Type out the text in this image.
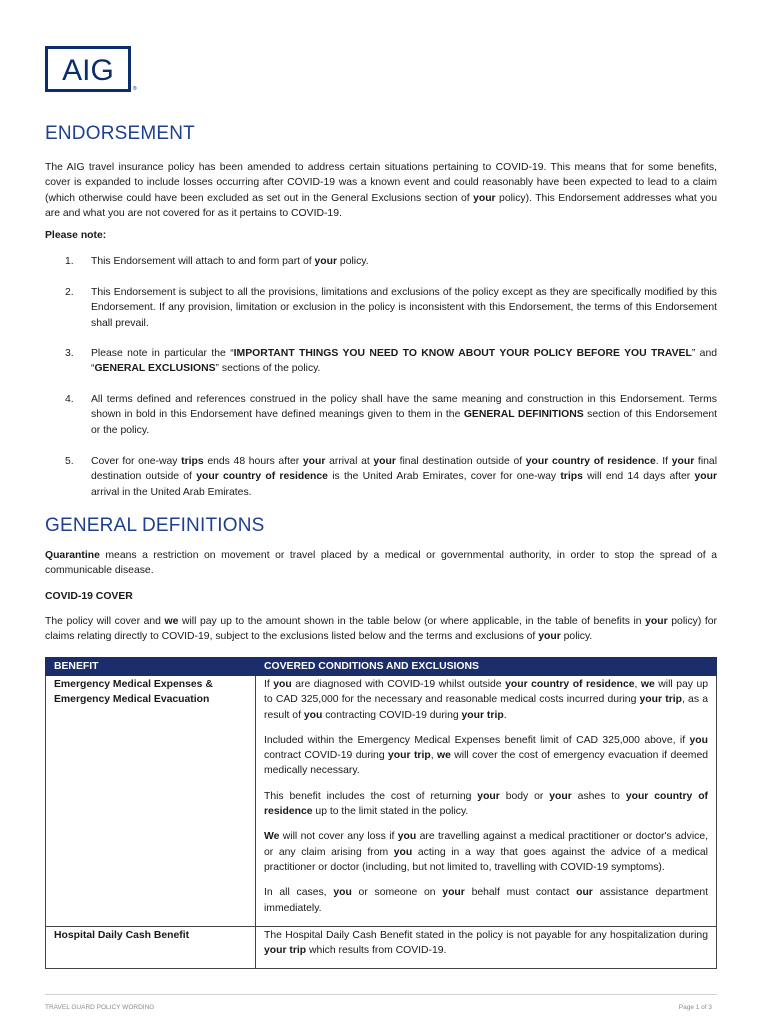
AIG
®
ENDORSEMENT

The AIG travel insurance policy has been amended to address certain situations pertaining to COVID-19. This means that for some benefits, cover is expanded to include losses occurring after COVID-19 was a known event and could reasonably have been expected to lead to a claim (which otherwise could have been excluded as set out in the General Exclusions section of your policy). This Endorsement addresses what you are and what you are not covered for as it pertains to COVID-19.

Please note:

1. This Endorsement will attach to and form part of your policy.
2. This Endorsement is subject to all the provisions, limitations and exclusions of the policy except as they are specifically modified by this Endorsement. If any provision, limitation or exclusion in the policy is inconsistent with this Endorsement, the terms of this Endorsement shall prevail.
3. Please note in particular the “IMPORTANT THINGS YOU NEED TO KNOW ABOUT YOUR POLICY BEFORE YOU TRAVEL” and “GENERAL EXCLUSIONS” sections of the policy.
4. All terms defined and references construed in the policy shall have the same meaning and construction in this Endorsement. Terms shown in bold in this Endorsement have defined meanings given to them in the GENERAL DEFINITIONS section of this Endorsement or the policy.
5. Cover for one-way trips ends 48 hours after your arrival at your final destination outside of your country of residence. If your final destination outside of your country of residence is the United Arab Emirates, cover for one-way trips will end 14 days after your arrival in the United Arab Emirates.
GENERAL DEFINITIONS

Quarantine means a restriction on movement or travel placed by a medical or governmental authority, in order to stop the spread of a communicable disease.

COVID-19 COVER

The policy will cover and we will pay up to the amount shown in the table below (or where applicable, in the table of benefits in your policy) for claims relating directly to COVID-19, subject to the exclusions listed below and the terms and exclusions of your policy.

BENEFIT	COVERED CONDITIONS AND EXCLUSIONS
Emergency Medical Expenses & Emergency Medical Evacuation	If you are diagnosed with COVID-19 whilst outside your country of residence, we will pay up to CAD 325,000 for the necessary and reasonable medical costs incurred during your trip, as a result of you contracting COVID-19 during your trip.

Included within the Emergency Medical Expenses benefit limit of CAD 325,000 above, if you contract COVID-19 during your trip, we will cover the cost of emergency evacuation if deemed medically necessary.

This benefit includes the cost of returning your body or your ashes to your country of residence up to the limit stated in the policy.

We will not cover any loss if you are travelling against a medical practitioner or doctor's advice, or any claim arising from you acting in a way that goes against the advice of a medical practitioner or doctor (including, but not limited to, travelling with COVID-19 symptoms).

In all cases, you or someone on your behalf must contact our assistance department immediately.

Hospital Daily Cash Benefit	The Hospital Daily Cash Benefit stated in the policy is not payable for any hospitalization during your trip which results from COVID-19.

TRAVEL GUARD POLICY WORDING	Page 1 of 3
